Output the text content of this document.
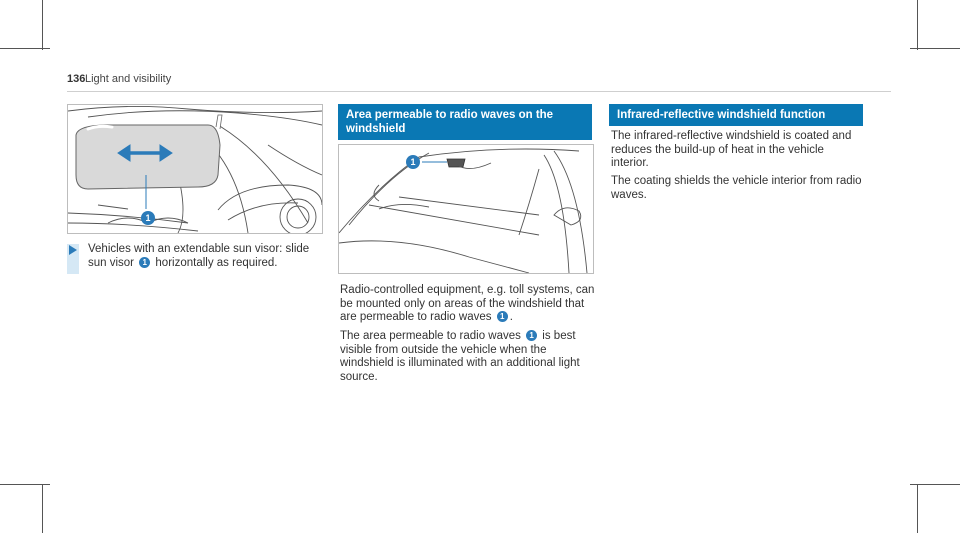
136 Light and visibility
1

Vehicles with an extendable sun visor: slide sun visor 1 horizontally as required.

Area permeable to radio waves on the windshield
1

Radio-controlled equipment, e.g. toll systems, can be mounted only on areas of the windshield that are permeable to radio waves 1 .

The area permeable to radio waves 1 is best visible from outside the vehicle when the windshield is illuminated with an additional light source.

Infrared-reflective windshield function

The infrared-reflective windshield is coated and reduces the build-up of heat in the vehicle interior.

The coating shields the vehicle interior from radio waves.
